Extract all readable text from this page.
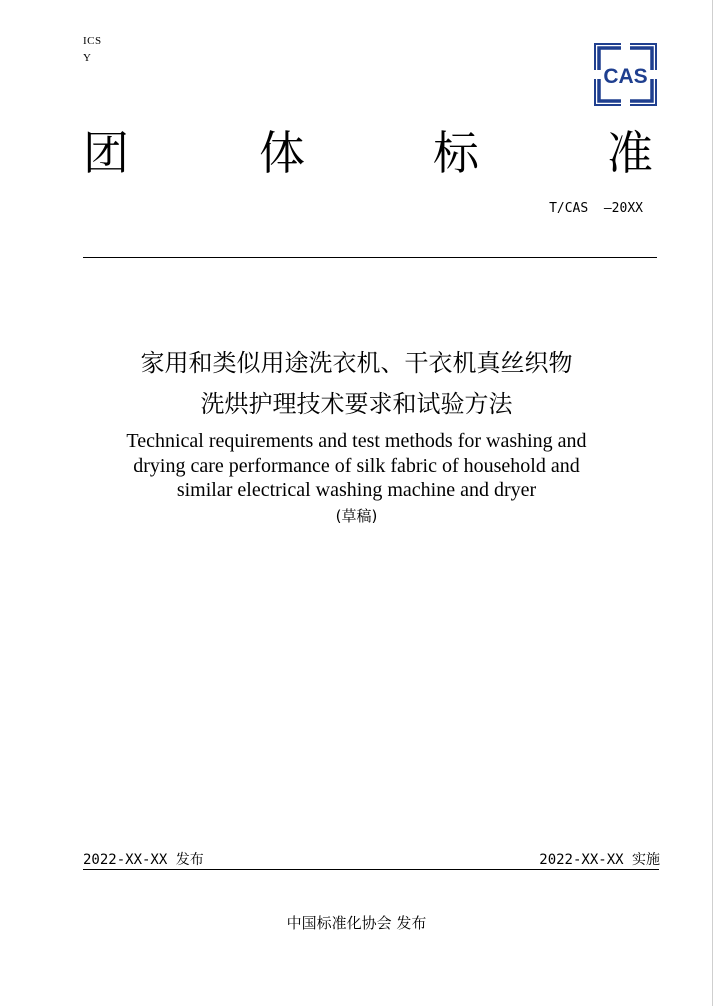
ICS
Y
CAS
团	体	标	准
T/CAS —20XX
家用和类似用途洗衣机、干衣机真丝织物
洗烘护理技术要求和试验方法
Technical requirements and test methods for washing and
drying care performance of silk fabric of household and
similar electrical washing machine and dryer
(草稿)
2022-XX-XX 发布	2022-XX-XX 实施
中国标准化协会 发布
